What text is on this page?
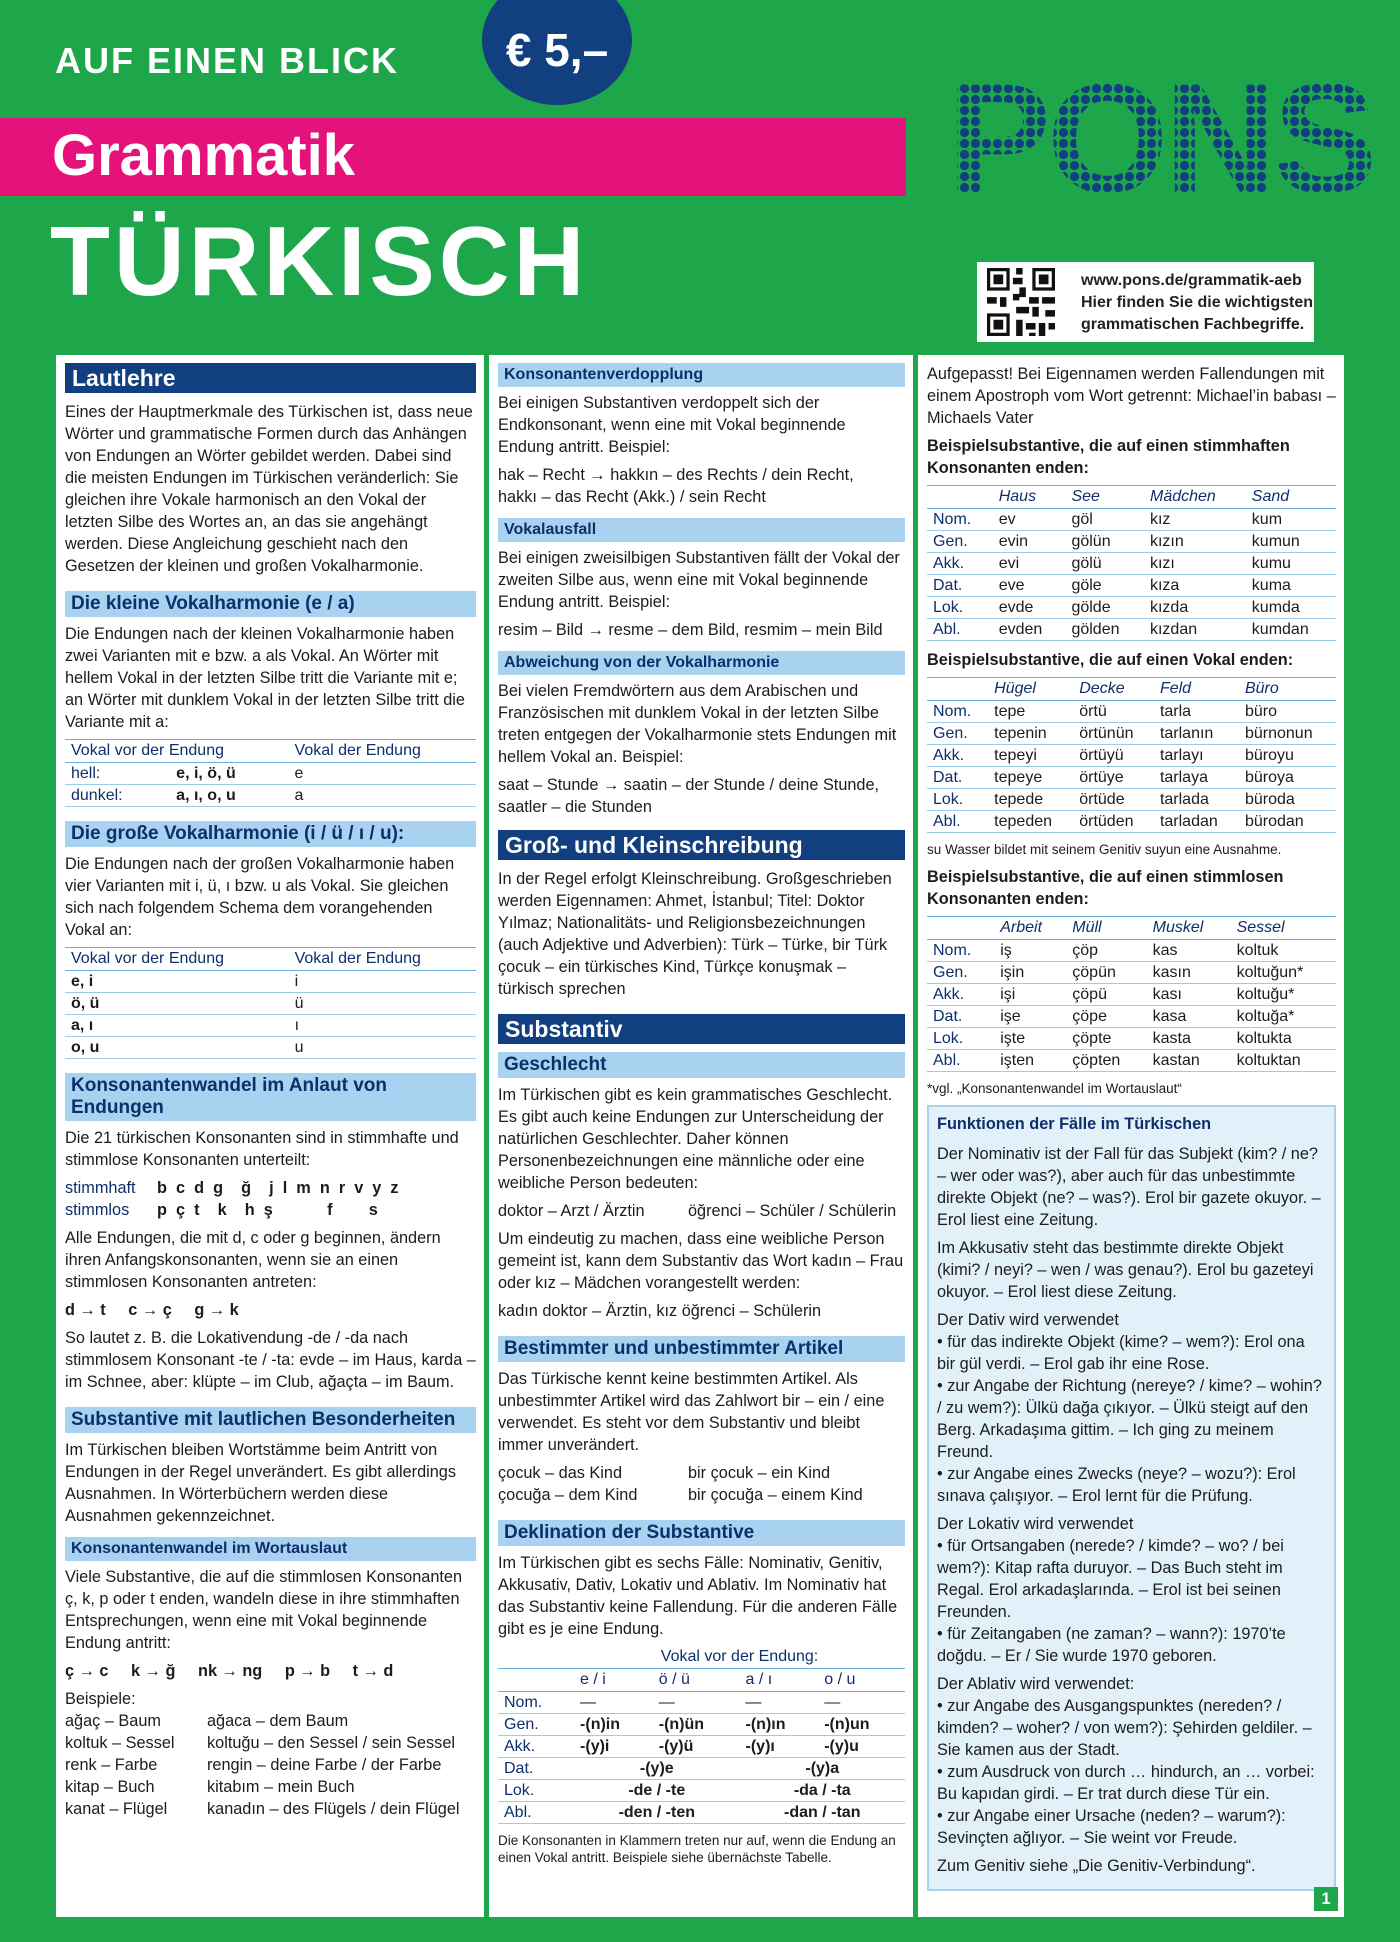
AUF EINEN BLICK	€ 5,–
Grammatik
TÜRKISCH
PONS
www.pons.de/grammatik-aeb
Hier finden Sie die wichtigsten
grammatischen Fachbegriffe.
Lautlehre

Eines der Hauptmerkmale des Türkischen ist, dass neue Wörter und grammatische Formen durch das Anhängen von Endungen an Wörter gebildet werden. Dabei sind die meisten Endungen im Türkischen veränderlich: Sie gleichen ihre Vokale harmonisch an den Vokal der letzten Silbe des Wortes an, an das sie angehängt werden. Diese Angleichung geschieht nach den Gesetzen der kleinen und großen Vokalharmonie.

Die kleine Vokalharmonie (e / a)

Die Endungen nach der kleinen Vokalharmonie haben zwei Varianten mit e bzw. a als Vokal. An Wörter mit hellem Vokal in der letzten Silbe tritt die Variante mit e; an Wörter mit dunklem Vokal in der letzten Silbe tritt die Variante mit a:

Vokal vor der Endung		Vokal der Endung
hell:	e, i, ö, ü	e
dunkel:	a, ı, o, u	a
Die große Vokalharmonie (i / ü / ı / u):

Die Endungen nach der großen Vokalharmonie haben vier Varianten mit i, ü, ı bzw. u als Vokal. Sie gleichen sich nach folgendem Schema dem vorangehenden Vokal an:

Vokal vor der Endung	Vokal der Endung
e, i	i
ö, ü	ü
a, ı	ı
o, u	u
Konsonantenwandel im Anlaut von Endungen

Die 21 türkischen Konsonanten sind in stimmhafte und stimmlose Konsonanten unterteilt:

stimmhaft	b  c  d  g    ğ    j  l  m  n  r  v  y  z
stimmlos	p  ç  t    k    h  ş            f        s

Alle Endungen, die mit d, c oder g beginnen, ändern ihren Anfangskonsonanten, wenn sie an einen stimmlosen Konsonanten antreten:

d → t     c → ç     g → k

So lautet z. B. die Lokativendung -de / -da nach stimmlosem Konsonant -te / -ta: evde – im Haus, karda – im Schnee, aber: klüpte – im Club, ağaçta – im Baum.

Substantive mit lautlichen Besonderheiten

Im Türkischen bleiben Wortstämme beim Antritt von Endungen in der Regel unverändert. Es gibt allerdings Ausnahmen. In Wörterbüchern werden diese Ausnahmen gekennzeichnet.

Konsonantenwandel im Wortauslaut

Viele Substantive, die auf die stimmlosen Konsonanten ç, k, p oder t enden, wandeln diese in ihre stimmhaften Entsprechungen, wenn eine mit Vokal beginnende Endung antritt:

ç → c     k → ğ     nk → ng     p → b     t → d

Beispiele:
ağaç – Baum	ağaca – dem Baum
koltuk – Sessel	koltuğu – den Sessel / sein Sessel
renk – Farbe	rengin – deine Farbe / der Farbe
kitap – Buch	kitabım – mein Buch
kanat – Flügel	kanadın – des Flügels / dein Flügel
Konsonantenverdopplung

Bei einigen Substantiven verdoppelt sich der Endkonsonant, wenn eine mit Vokal beginnende Endung antritt. Beispiel:

hak – Recht → hakkın – des Rechts / dein Recht,

hakkı – das Recht (Akk.) / sein Recht

Vokalausfall

Bei einigen zweisilbigen Substantiven fällt der Vokal der zweiten Silbe aus, wenn eine mit Vokal beginnende Endung antritt. Beispiel:

resim – Bild → resme – dem Bild, resmim – mein Bild

Abweichung von der Vokalharmonie

Bei vielen Fremdwörtern aus dem Arabischen und Französischen mit dunklem Vokal in der letzten Silbe treten entgegen der Vokalharmonie stets Endungen mit hellem Vokal an. Beispiel:

saat – Stunde → saatin – der Stunde / deine Stunde, saatler – die Stunden

Groß- und Kleinschreibung

In der Regel erfolgt Kleinschreibung. Großgeschrieben werden Eigennamen: Ahmet, İstanbul; Titel: Doktor Yılmaz; Nationalitäts- und Religionsbezeichnungen (auch Adjektive und Adverbien): Türk – Türke, bir Türk çocuk – ein türkisches Kind, Türkçe konuşmak – türkisch sprechen

Substantiv
Geschlecht

Im Türkischen gibt es kein grammatisches Geschlecht. Es gibt auch keine Endungen zur Unterscheidung der natürlichen Geschlechter. Daher können Personenbezeichnungen eine männliche oder eine weibliche Person bedeuten:

doktor – Arzt / Ärztin	öğrenci – Schüler / Schülerin

Um eindeutig zu machen, dass eine weibliche Person gemeint ist, kann dem Substantiv das Wort kadın – Frau oder kız – Mädchen vorangestellt werden:

kadın doktor – Ärztin, kız öğrenci – Schülerin

Bestimmter und unbestimmter Artikel

Das Türkische kennt keine bestimmten Artikel. Als unbestimmter Artikel wird das Zahlwort bir – ein / eine verwendet. Es steht vor dem Substantiv und bleibt immer unverändert.

çocuk – das Kind	bir çocuk – ein Kind
çocuğa – dem Kind	bir çocuğa – einem Kind
Deklination der Substantive

Im Türkischen gibt es sechs Fälle: Nominativ, Genitiv, Akkusativ, Dativ, Lokativ und Ablativ. Im Nominativ hat das Substantiv keine Fallendung. Für die anderen Fälle gibt es je eine Endung.

	Vokal vor der Endung:			
	e / i	ö / ü	a / ı	o / u
Nom.	—	—	—	—
Gen.	-(n)in	-(n)ün	-(n)ın	-(n)un
Akk.	-(y)i	-(y)ü	-(y)ı	-(y)u
Dat.	-(y)e		-(y)a	
Lok.	-de / -te		-da / -ta	
Abl.	-den / -ten		-dan / -tan	

Die Konsonanten in Klammern treten nur auf, wenn die Endung an einen Vokal antritt. Beispiele siehe übernächste Tabelle.

Aufgepasst! Bei Eigennamen werden Fallendungen mit einem Apostroph vom Wort getrennt: Michael’in babası – Michaels Vater

Beispielsubstantive, die auf einen stimmhaften Konsonanten enden:

	Haus	See	Mädchen	Sand
Nom.	ev	göl	kız	kum
Gen.	evin	gölün	kızın	kumun
Akk.	evi	gölü	kızı	kumu
Dat.	eve	göle	kıza	kuma
Lok.	evde	gölde	kızda	kumda
Abl.	evden	gölden	kızdan	kumdan

Beispielsubstantive, die auf einen Vokal enden:

	Hügel	Decke	Feld	Büro
Nom.	tepe	örtü	tarla	büro
Gen.	tepenin	örtünün	tarlanın	bürnonun
Akk.	tepeyi	örtüyü	tarlayı	büroyu
Dat.	tepeye	örtüye	tarlaya	büroya
Lok.	tepede	örtüde	tarlada	büroda
Abl.	tepeden	örtüden	tarladan	bürodan

su Wasser bildet mit seinem Genitiv suyun eine Ausnahme.

Beispielsubstantive, die auf einen stimmlosen Konsonanten enden:

	Arbeit	Müll	Muskel	Sessel
Nom.	iş	çöp	kas	koltuk
Gen.	işin	çöpün	kasın	koltuğun*
Akk.	işi	çöpü	kası	koltuğu*
Dat.	işe	çöpe	kasa	koltuğa*
Lok.	işte	çöpte	kasta	koltukta
Abl.	işten	çöpten	kastan	koltuktan

*vgl. „Konsonantenwandel im Wortauslaut“

Funktionen der Fälle im Türkischen

Der Nominativ ist der Fall für das Subjekt (kim? / ne? – wer oder was?), aber auch für das unbestimmte direkte Objekt (ne? – was?). Erol bir gazete okuyor. – Erol liest eine Zeitung.

Im Akkusativ steht das bestimmte direkte Objekt (kimi? / neyi? – wen / was genau?). Erol bu gazeteyi okuyor. – Erol liest diese Zeitung.

Der Dativ wird verwendet
• für das indirekte Objekt (kime? – wem?): Erol ona bir gül verdi. – Erol gab ihr eine Rose.
• zur Angabe der Richtung (nereye? / kime? – wohin? / zu wem?): Ülkü dağa çıkıyor. – Ülkü steigt auf den Berg. Arkadaşıma gittim. – Ich ging zu meinem Freund.
• zur Angabe eines Zwecks (neye? – wozu?): Erol sınava çalışıyor. – Erol lernt für die Prüfung.
Der Lokativ wird verwendet
• für Ortsangaben (nerede? / kimde? – wo? / bei wem?): Kitap rafta duruyor. – Das Buch steht im Regal. Erol arkadaşlarında. – Erol ist bei seinen Freunden.
• für Zeitangaben (ne zaman? – wann?): 1970’te doğdu. – Er / Sie wurde 1970 geboren.
Der Ablativ wird verwendet:
• zur Angabe des Ausgangspunktes (nereden? / kimden? – woher? / von wem?): Şehirden geldiler. – Sie kamen aus der Stadt.
• zum Ausdruck von durch … hindurch, an … vorbei: Bu kapıdan girdi. – Er trat durch diese Tür ein.
• zur Angabe einer Ursache (neden? – warum?): Sevinçten ağlıyor. – Sie weint vor Freude.

Zum Genitiv siehe „Die Genitiv-Verbindung“.

1
